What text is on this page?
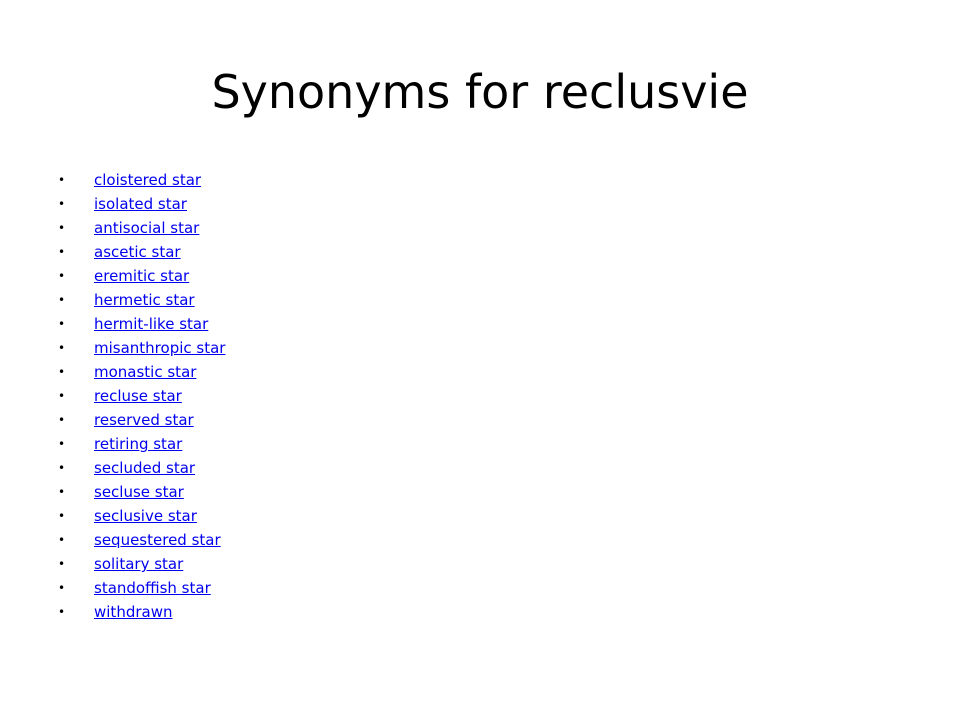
Synonyms for reclusvie
• cloistered star
• isolated star
• antisocial star
• ascetic star
• eremitic star
• hermetic star
• hermit-like star
• misanthropic star
• monastic star
• recluse star
• reserved star
• retiring star
• secluded star
• secluse star
• seclusive star
• sequestered star
• solitary star
• standoffish star
• withdrawn
